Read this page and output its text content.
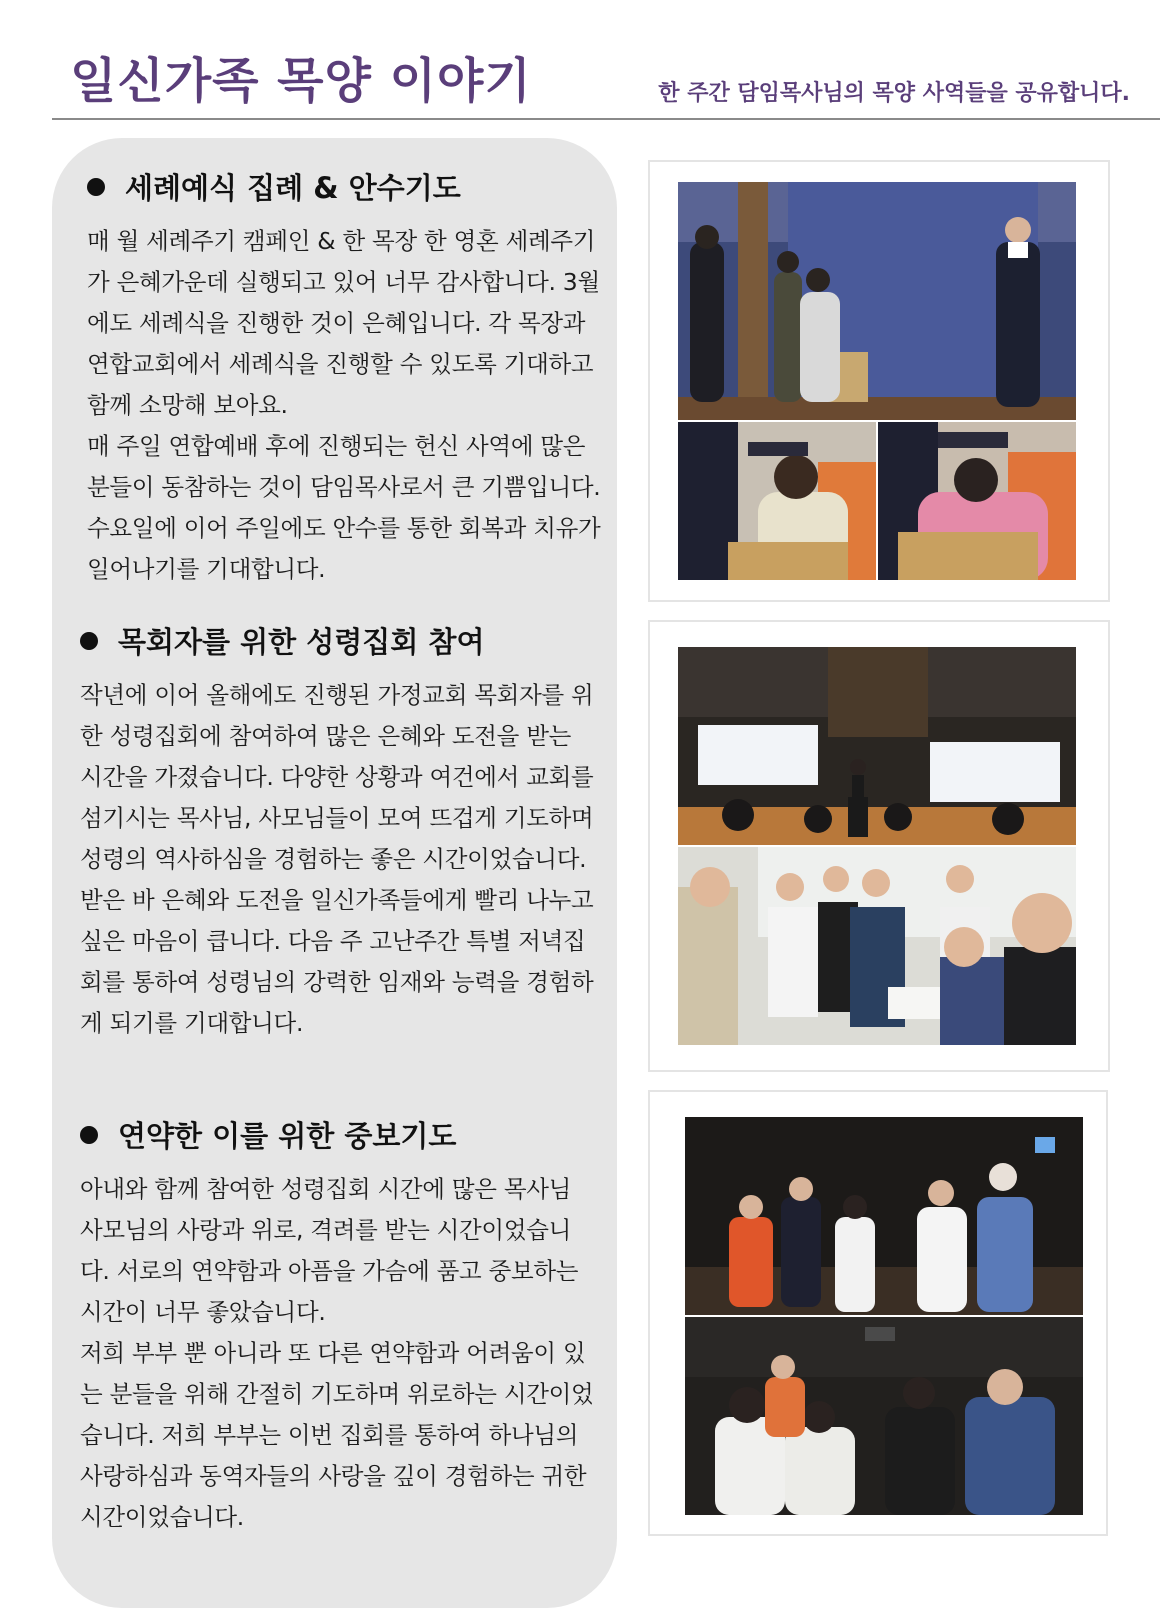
일신가족 목양 이야기	한 주간 담임목사님의 목양 사역들을 공유합니다.
세례예식 집례 & 안수기도

매 월 세례주기 캠페인 & 한 목장 한 영혼 세례주기가 은혜가운데 실행되고 있어 너무 감사합니다. 3월에도 세례식을 진행한 것이 은혜입니다. 각 목장과 연합교회에서 세례식을 진행할 수 있도록 기대하고 함께 소망해 보아요.

매 주일 연합예배 후에 진행되는 헌신 사역에 많은 분들이 동참하는 것이 담임목사로서 큰 기쁨입니다. 수요일에 이어 주일에도 안수를 통한 회복과 치유가 일어나기를 기대합니다.

목회자를 위한 성령집회 참여

작년에 이어 올해에도 진행된 가정교회 목회자를 위한 성령집회에 참여하여 많은 은혜와 도전을 받는 시간을 가졌습니다. 다양한 상황과 여건에서 교회를 섬기시는 목사님, 사모님들이 모여 뜨겁게 기도하며 성령의 역사하심을 경험하는 좋은 시간이었습니다.

받은 바 은혜와 도전을 일신가족들에게 빨리 나누고 싶은 마음이 큽니다. 다음 주 고난주간 특별 저녁집회를 통하여 성령님의 강력한 임재와 능력을 경험하게 되기를 기대합니다.

연약한 이를 위한 중보기도

아내와 함께 참여한 성령집회 시간에 많은 목사님 사모님의 사랑과 위로, 격려를 받는 시간이었습니다. 서로의 연약함과 아픔을 가슴에 품고 중보하는 시간이 너무 좋았습니다.

저희 부부 뿐 아니라 또 다른 연약함과 어려움이 있는 분들을 위해 간절히 기도하며 위로하는 시간이었습니다. 저희 부부는 이번 집회를 통하여 하나님의 사랑하심과 동역자들의 사랑을 깊이 경험하는 귀한 시간이었습니다.
